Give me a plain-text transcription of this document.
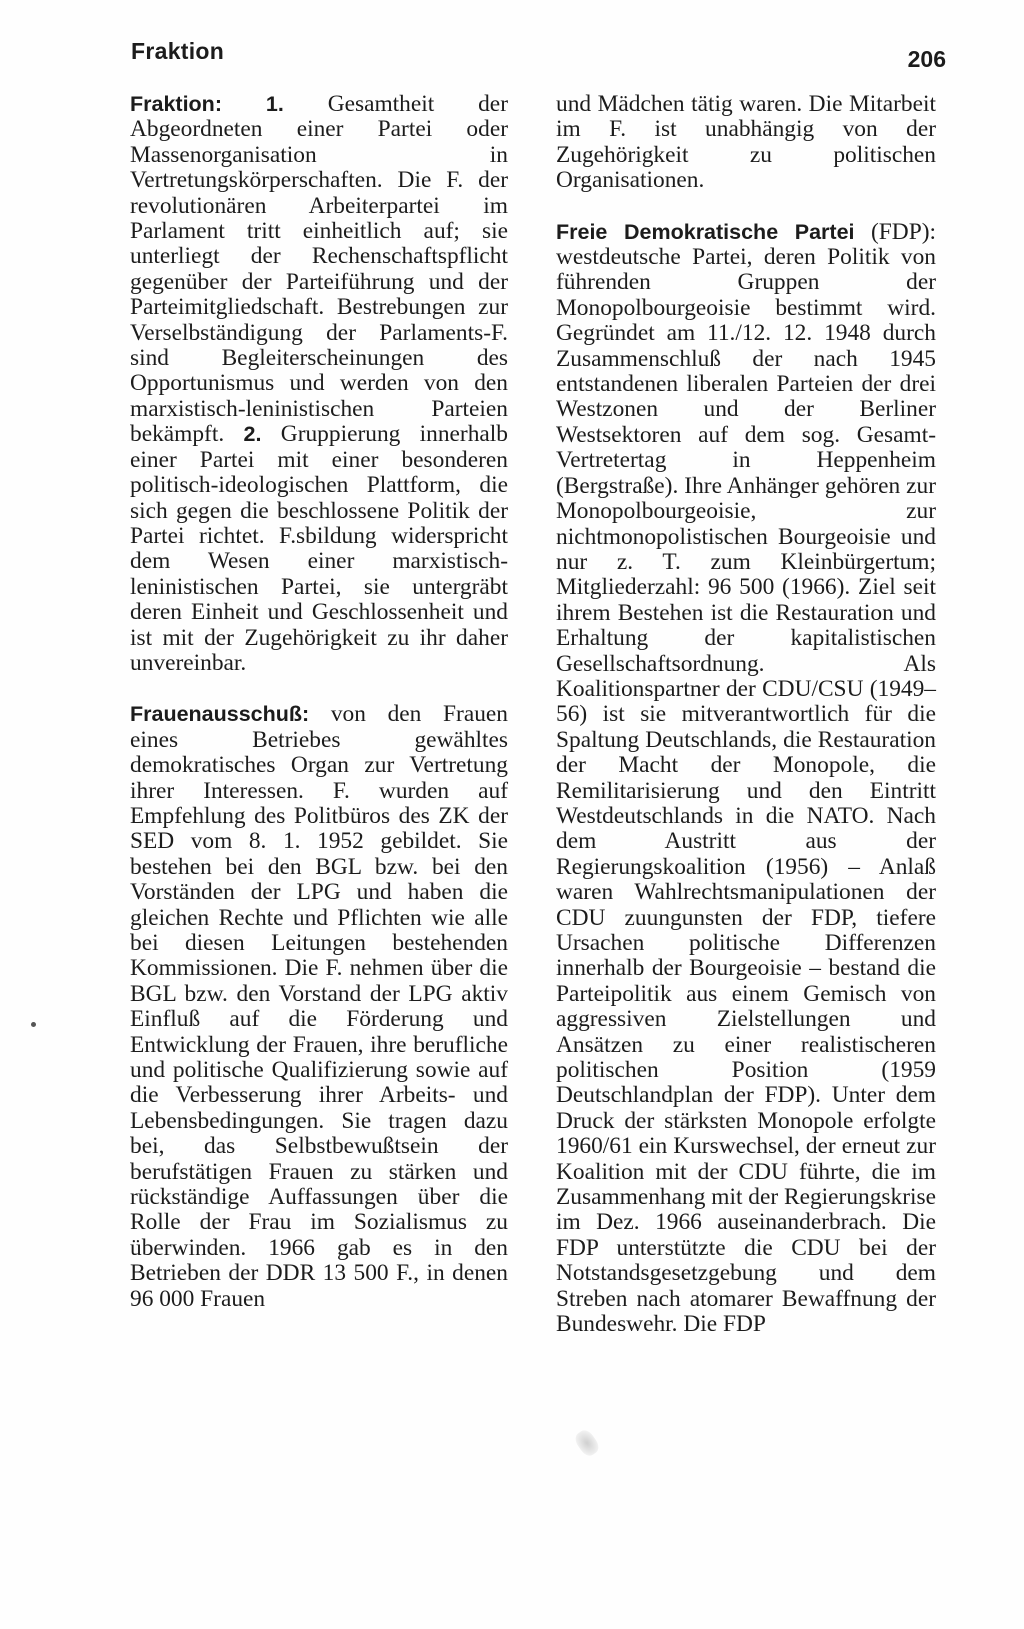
Fraktion	206

Fraktion: 1. Gesamtheit der Abgeordneten einer Partei oder Massenorganisation in Vertretungskörperschaften. Die F. der revolutionären Arbeiterpartei im Parlament tritt einheitlich auf; sie unterliegt der Rechenschaftspflicht gegenüber der Parteiführung und der Parteimitgliedschaft. Bestrebungen zur Verselbständigung der Parlaments-F. sind Begleiterscheinungen des Opportunismus und werden von den marxistisch-leninistischen Parteien bekämpft. 2. Gruppierung innerhalb einer Partei mit einer besonderen politisch-ideologischen Plattform, die sich gegen die beschlossene Politik der Partei richtet. F.sbildung widerspricht dem Wesen einer marxistisch-leninistischen Partei, sie untergräbt deren Einheit und Geschlossenheit und ist mit der Zugehörigkeit zu ihr daher unvereinbar.

Frauenausschuß: von den Frauen eines Betriebes gewähltes demokratisches Organ zur Vertretung ihrer Interessen. F. wurden auf Empfehlung des Politbüros des ZK der SED vom 8. 1. 1952 gebildet. Sie bestehen bei den BGL bzw. bei den Vorständen der LPG und haben die gleichen Rechte und Pflichten wie alle bei diesen Leitungen bestehenden Kommissionen. Die F. nehmen über die BGL bzw. den Vorstand der LPG aktiv Einfluß auf die Förderung und Entwicklung der Frauen, ihre berufliche und politische Qualifizierung sowie auf die Verbesserung ihrer Arbeits- und Lebensbedingungen. Sie tragen dazu bei, das Selbstbewußtsein der berufstätigen Frauen zu stärken und rückständige Auffassungen über die Rolle der Frau im Sozialismus zu überwinden. 1966 gab es in den Betrieben der DDR 13 500 F., in denen 96 000 Frauen

und Mädchen tätig waren. Die Mitarbeit im F. ist unabhängig von der Zugehörigkeit zu politischen Organisationen.

Freie Demokratische Partei (FDP): westdeutsche Partei, deren Politik von führenden Gruppen der Monopolbourgeoisie bestimmt wird. Gegründet am 11./12. 12. 1948 durch Zusammenschluß der nach 1945 entstandenen liberalen Parteien der drei Westzonen und der Berliner Westsektoren auf dem sog. Gesamt-Vertretertag in Heppenheim (Bergstraße). Ihre Anhänger gehören zur Monopolbourgeoisie, zur nichtmonopolistischen Bourgeoisie und nur z. T. zum Kleinbürgertum; Mitgliederzahl: 96 500 (1966). Ziel seit ihrem Bestehen ist die Restauration und Erhaltung der kapitalistischen Gesellschaftsordnung. Als Koalitionspartner der CDU/CSU (1949–56) ist sie mitverantwortlich für die Spaltung Deutschlands, die Restauration der Macht der Monopole, die Remilitarisierung und den Eintritt Westdeutschlands in die NATO. Nach dem Austritt aus der Regierungskoalition (1956) – Anlaß waren Wahlrechtsmanipulationen der CDU zuungunsten der FDP, tiefere Ursachen politische Differenzen innerhalb der Bourgeoisie – bestand die Parteipolitik aus einem Gemisch von aggressiven Zielstellungen und Ansätzen zu einer realistischeren politischen Position (1959 Deutschlandplan der FDP). Unter dem Druck der stärksten Monopole erfolgte 1960/61 ein Kurswechsel, der erneut zur Koalition mit der CDU führte, die im Zusammenhang mit der Regierungskrise im Dez. 1966 auseinanderbrach. Die FDP unterstützte die CDU bei der Notstandsgesetzgebung und dem Streben nach atomarer Bewaffnung der Bundeswehr. Die FDP
